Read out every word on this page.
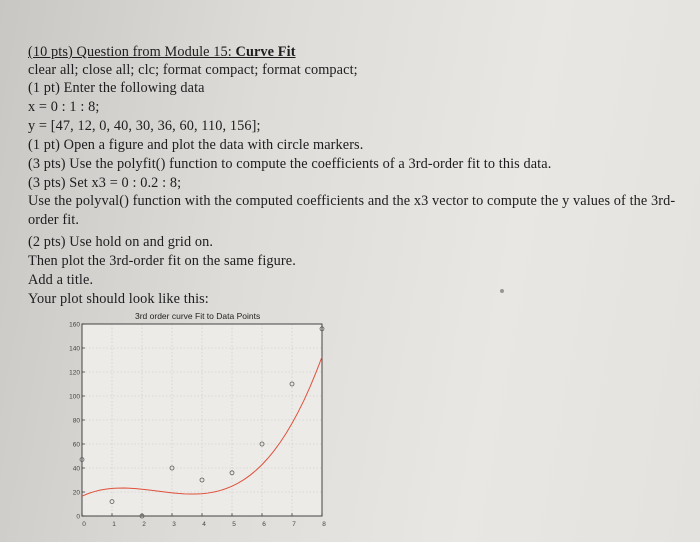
(10 pts) Question from Module 15: Curve Fit
clear all; close all; clc; format compact; format compact;
(1 pt) Enter the following data
x = 0 : 1 : 8;
y = [47, 12, 0, 40, 30, 36, 60, 110, 156];
(1 pt) Open a figure and plot the data with circle markers.
(3 pts) Use the polyfit() function to compute the coefficients of a 3rd-order fit to this data.
(3 pts) Set x3 = 0 : 0.2 : 8;
Use the polyval() function with the computed coefficients and the x3 vector to compute the y values of the 3rd-
order fit.
(2 pts) Use hold on and grid on.
Then plot the 3rd-order fit on the same figure.
Add a title.
Your plot should look like this:
3rd order curve Fit to Data Points
0	1	2	3	4	5	6	7	8
0
20
40
60
80
100
120
140
160
